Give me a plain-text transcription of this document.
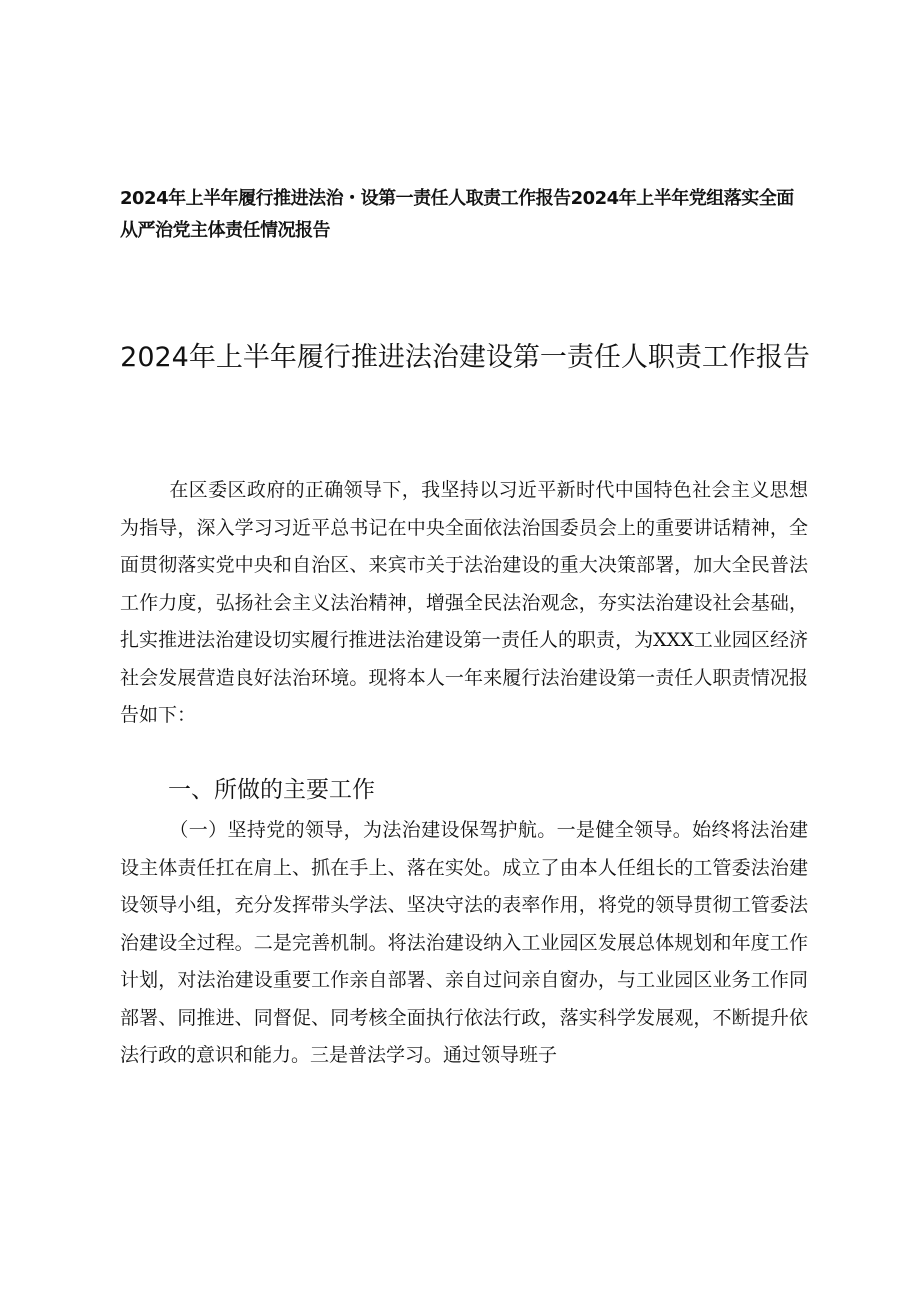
2024年上半年履行推进法治・设第一责任人取责工作报告2024年上半年党组落实全面从严治党主体责任情况报告

2024年上半年履行推进法治建设第一责任人职责工作报告

在区委区政府的正确领导下，我坚持以习近平新时代中国特色社会主义思想为指导，深入学习习近平总书记在中央全面依法治国委员会上的重要讲话精神，全面贯彻落实党中央和自治区、来宾市关于法治建设的重大决策部署，加大全民普法工作力度，弘扬社会主义法治精神，增强全民法治观念，夯实法治建设社会基础，扎实推进法治建设切实履行推进法治建设第一责任人的职责，为XXX工业园区经济社会发展营造良好法治环境。现将本人一年来履行法治建设第一责任人职责情况报告如下：

一、所做的主要工作

（一）坚持党的领导，为法治建设保驾护航。一是健全领导。始终将法治建设主体责任扛在肩上、抓在手上、落在实处。成立了由本人任组长的工管委法治建设领导小组，充分发挥带头学法、坚决守法的表率作用，将党的领导贯彻工管委法治建设全过程。二是完善机制。将法治建设纳入工业园区发展总体规划和年度工作计划，对法治建设重要工作亲自部署、亲自过问亲自窗办，与工业园区业务工作同部署、同推进、同督促、同考核全面执行依法行政，落实科学发展观，不断提升依法行政的意识和能力。三是普法学习。通过领导班子
